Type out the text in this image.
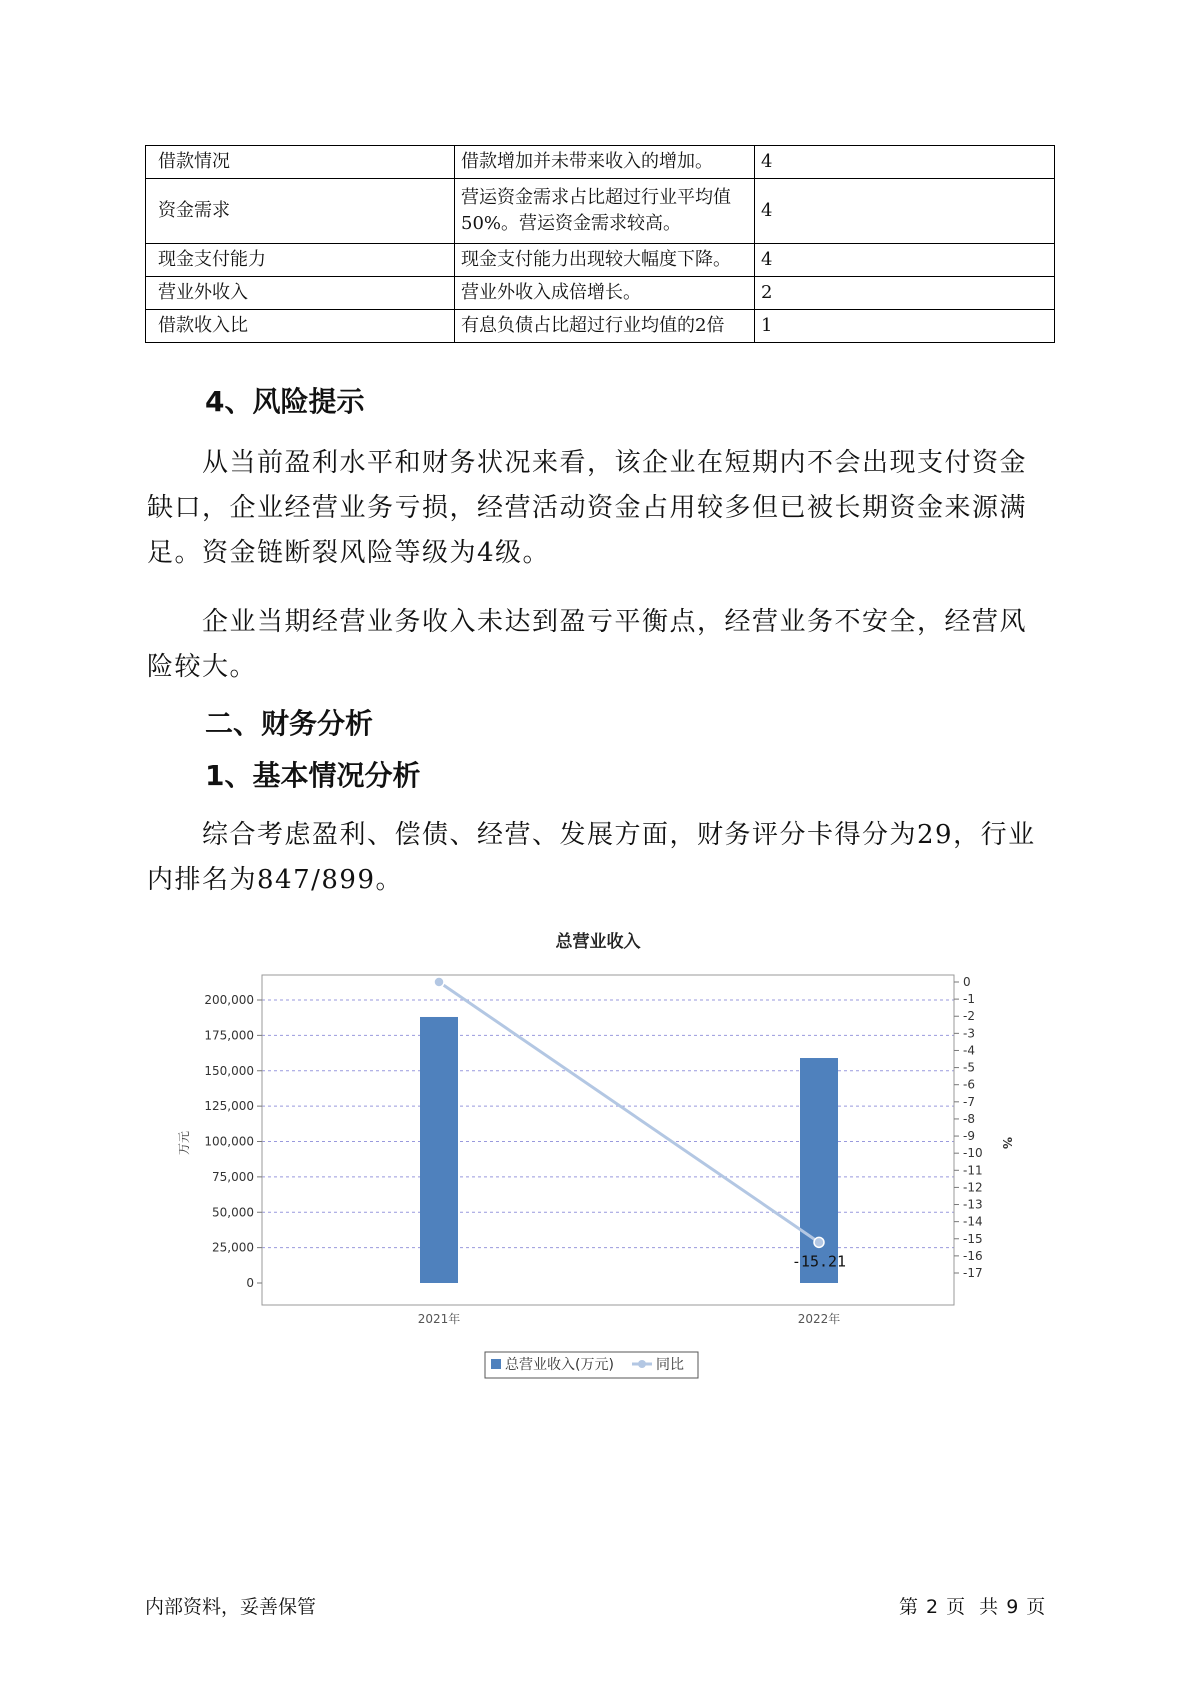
借款情况	借款增加并未带来收入的增加。	4
资金需求	营运资金需求占比超过行业平均值50%。营运资金需求较高。	4
现金支付能力	现金支付能力出现较大幅度下降。	4
营业外收入	营业外收入成倍增长。	2
借款收入比	有息负债占比超过行业均值的2倍	1
4、风险提示

从当前盈利水平和财务状况来看，该企业在短期内不会出现支付资金缺口，企业经营业务亏损，经营活动资金占用较多但已被长期资金来源满足。资金链断裂风险等级为4级。

企业当期经营业务收入未达到盈亏平衡点，经营业务不安全，经营风险较大。

二、财务分析
1、基本情况分析

综合考虑盈利、偿债、经营、发展方面，财务评分卡得分为29，行业内排名为847/899。

总营业收入
0
25,000
50,000
75,000
100,000
125,000
150,000
175,000
200,000
0
-1
-2
-3
-4
-5
-6
-7
-8
-9
-10
-11
-12
-13
-14
-15
-16
-17
-15.21
2021年	2022年
万元	%
总营业收入(万元)	同比
内部资料，妥善保管	第 2 页 共 9 页
